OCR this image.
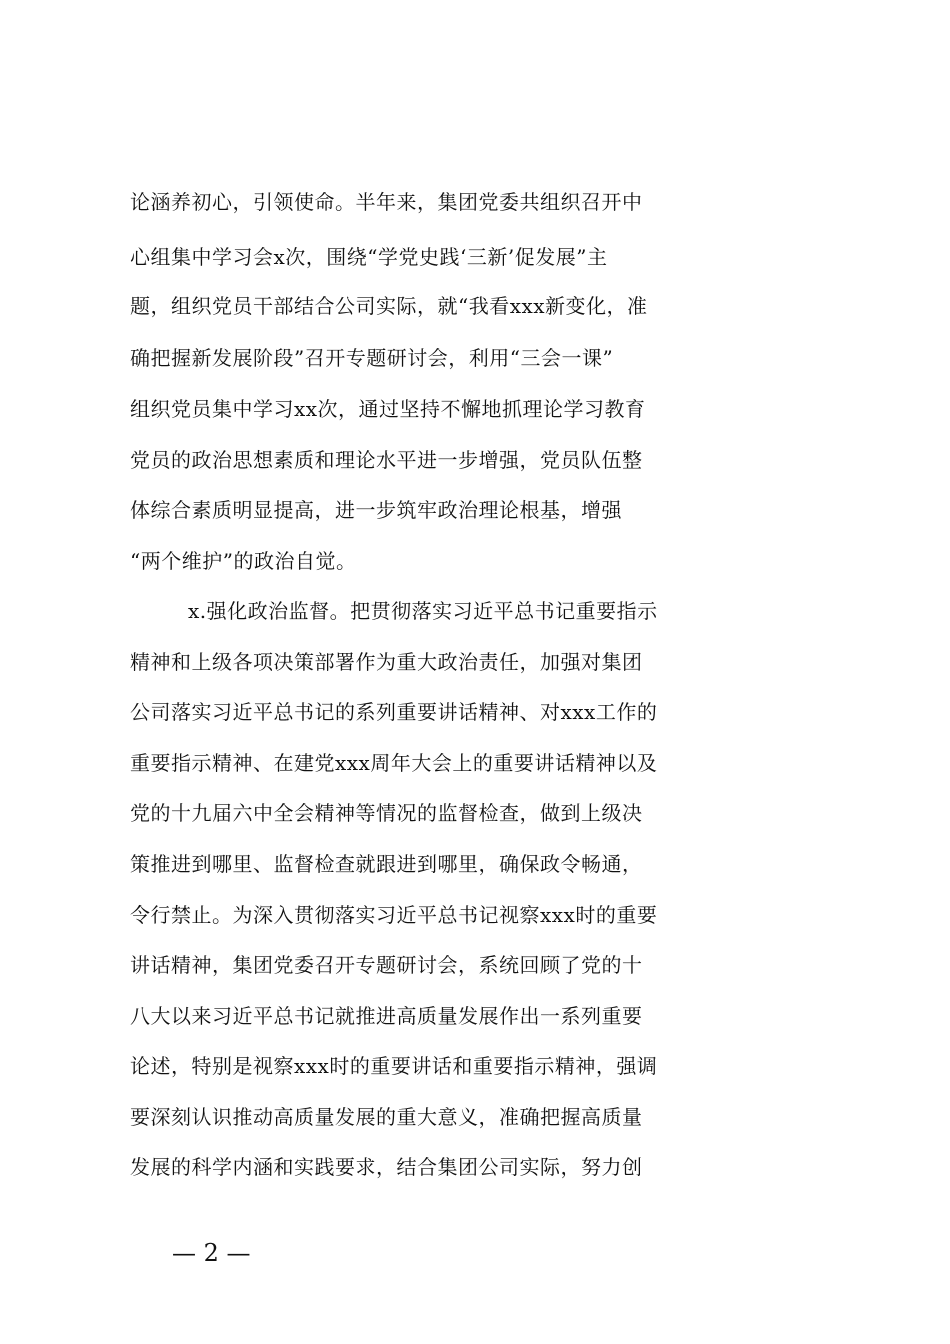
论涵养初心，引领使命。半年来，集团党委共组织召开中
心组集中学习会x次，围绕“学党史践‘三新’促发展”主
题，组织党员干部结合公司实际，就“我看xxx新变化，准
确把握新发展阶段”召开专题研讨会，利用“三会一课”
组织党员集中学习xx次，通过坚持不懈地抓理论学习教育
党员的政治思想素质和理论水平进一步增强，党员队伍整
体综合素质明显提高，进一步筑牢政治理论根基，增强
“两个维护”的政治自觉。
x.强化政治监督。把贯彻落实习近平总书记重要指示
精神和上级各项决策部署作为重大政治责任，加强对集团
公司落实习近平总书记的系列重要讲话精神、对xxx工作的
重要指示精神、在建党xxx周年大会上的重要讲话精神以及
党的十九届六中全会精神等情况的监督检查，做到上级决
策推进到哪里、监督检查就跟进到哪里，确保政令畅通，
令行禁止。为深入贯彻落实习近平总书记视察xxx时的重要
讲话精神，集团党委召开专题研讨会，系统回顾了党的十
八大以来习近平总书记就推进高质量发展作出一系列重要
论述，特别是视察xxx时的重要讲话和重要指示精神，强调
要深刻认识推动高质量发展的重大意义，准确把握高质量
发展的科学内涵和实践要求，结合集团公司实际，努力创
— 2 —
